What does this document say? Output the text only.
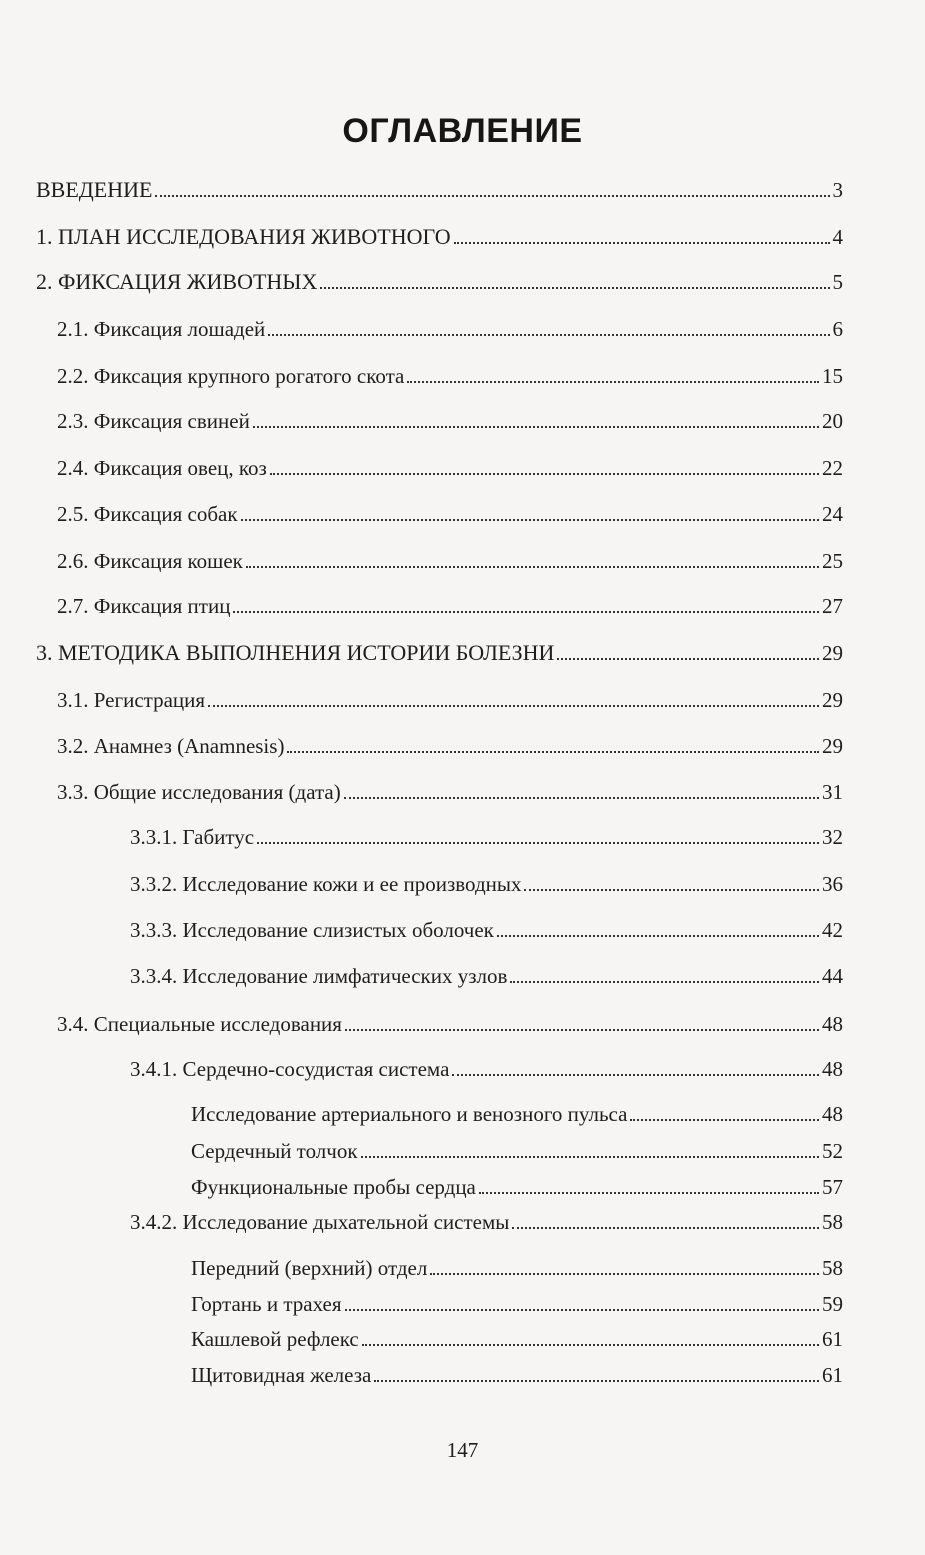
ОГЛАВЛЕНИЕ
ВВЕДЕНИЕ	3
1. ПЛАН ИССЛЕДОВАНИЯ ЖИВОТНОГО	4
2. ФИКСАЦИЯ ЖИВОТНЫХ	5
2.1. Фиксация лошадей	6
2.2. Фиксация крупного рогатого скота	15
2.3. Фиксация свиней	20
2.4. Фиксация овец, коз	22
2.5. Фиксация собак	24
2.6. Фиксация кошек	25
2.7. Фиксация птиц	27
3. МЕТОДИКА ВЫПОЛНЕНИЯ ИСТОРИИ БОЛЕЗНИ	29
3.1. Регистрация	29
3.2. Анамнез (Anamnesis)	29
3.3. Общие исследования (дата)	31
3.3.1. Габитус	32
3.3.2. Исследование кожи и ее производных	36
3.3.3. Исследование слизистых оболочек	42
3.3.4. Исследование лимфатических узлов	44
3.4. Специальные исследования	48
3.4.1. Сердечно-сосудистая система	48
Исследование артериального и венозного пульса	48
Сердечный толчок	52
Функциональные пробы сердца	57
3.4.2. Исследование дыхательной системы	58
Передний (верхний) отдел	58
Гортань и трахея	59
Кашлевой рефлекс	61
Щитовидная железа	61
147
